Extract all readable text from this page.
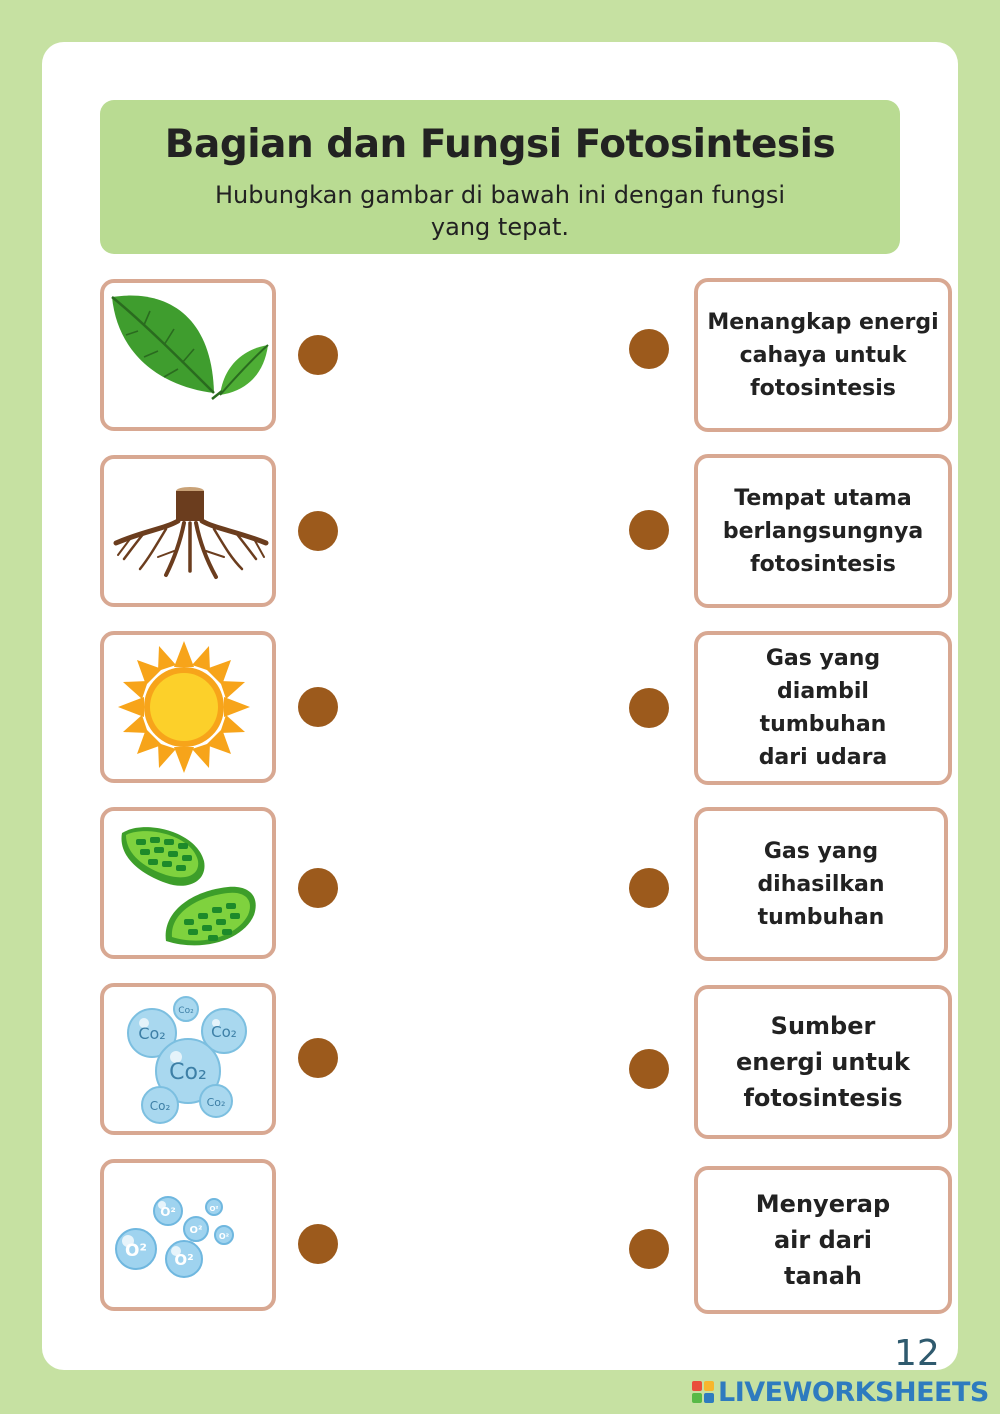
Bagian dan Fungsi Fotosintesis
Hubungkan gambar di bawah ini dengan fungsi yang tepat.
Co₂
Co₂	Co₂
Co₂
Co₂	Co₂
O²	O²
O²
O²
O² O²
Menangkap energi
cahaya untuk
fotosintesis
Tempat utama
berlangsungnya
fotosintesis
Gas yang
diambil
tumbuhan
dari udara
Gas yang
dihasilkan
tumbuhan
Sumber
energi untuk
fotosintesis
Menyerap
air dari
tanah
12
LIVEWORKSHEETS
